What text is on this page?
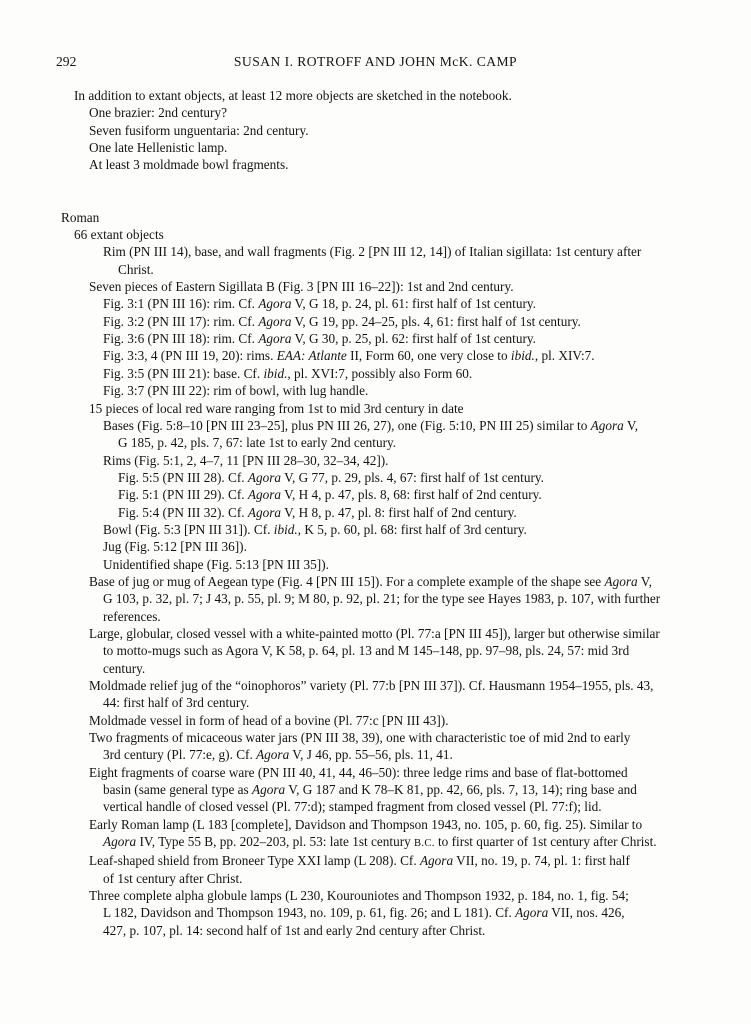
292	SUSAN I. ROTROFF AND JOHN McK. CAMP
In addition to extant objects, at least 12 more objects are sketched in the notebook.
One brazier: 2nd century?
Seven fusiform unguentaria: 2nd century.
One late Hellenistic lamp.
At least 3 moldmade bowl fragments.
Roman
66 extant objects
Rim (PN III 14), base, and wall fragments (Fig. 2 [PN III 12, 14]) of Italian sigillata: 1st century after
Christ.
Seven pieces of Eastern Sigillata B (Fig. 3 [PN III 16–22]): 1st and 2nd century.
Fig. 3:1 (PN III 16): rim. Cf. Agora V, G 18, p. 24, pl. 61: first half of 1st century.
Fig. 3:2 (PN III 17): rim. Cf. Agora V, G 19, pp. 24–25, pls. 4, 61: first half of 1st century.
Fig. 3:6 (PN III 18): rim. Cf. Agora V, G 30, p. 25, pl. 62: first half of 1st century.
Fig. 3:3, 4 (PN III 19, 20): rims. EAA: Atlante II, Form 60, one very close to ibid., pl. XIV:7.
Fig. 3:5 (PN III 21): base. Cf. ibid., pl. XVI:7, possibly also Form 60.
Fig. 3:7 (PN III 22): rim of bowl, with lug handle.
15 pieces of local red ware ranging from 1st to mid 3rd century in date
Bases (Fig. 5:8–10 [PN III 23–25], plus PN III 26, 27), one (Fig. 5:10, PN III 25) similar to Agora V,
G 185, p. 42, pls. 7, 67: late 1st to early 2nd century.
Rims (Fig. 5:1, 2, 4–7, 11 [PN III 28–30, 32–34, 42]).
Fig. 5:5 (PN III 28). Cf. Agora V, G 77, p. 29, pls. 4, 67: first half of 1st century.
Fig. 5:1 (PN III 29). Cf. Agora V, H 4, p. 47, pls. 8, 68: first half of 2nd century.
Fig. 5:4 (PN III 32). Cf. Agora V, H 8, p. 47, pl. 8: first half of 2nd century.
Bowl (Fig. 5:3 [PN III 31]). Cf. ibid., K 5, p. 60, pl. 68: first half of 3rd century.
Jug (Fig. 5:12 [PN III 36]).
Unidentified shape (Fig. 5:13 [PN III 35]).
Base of jug or mug of Aegean type (Fig. 4 [PN III 15]). For a complete example of the shape see Agora V,
G 103, p. 32, pl. 7; J 43, p. 55, pl. 9; M 80, p. 92, pl. 21; for the type see Hayes 1983, p. 107, with further
references.
Large, globular, closed vessel with a white-painted motto (Pl. 77:a [PN III 45]), larger but otherwise similar
to motto-mugs such as Agora V, K 58, p. 64, pl. 13 and M 145–148, pp. 97–98, pls. 24, 57: mid 3rd
century.
Moldmade relief jug of the “oinophoros” variety (Pl. 77:b [PN III 37]). Cf. Hausmann 1954–1955, pls. 43,
44: first half of 3rd century.
Moldmade vessel in form of head of a bovine (Pl. 77:c [PN III 43]).
Two fragments of micaceous water jars (PN III 38, 39), one with characteristic toe of mid 2nd to early
3rd century (Pl. 77:e, g). Cf. Agora V, J 46, pp. 55–56, pls. 11, 41.
Eight fragments of coarse ware (PN III 40, 41, 44, 46–50): three ledge rims and base of flat-bottomed
basin (same general type as Agora V, G 187 and K 78–K 81, pp. 42, 66, pls. 7, 13, 14); ring base and
vertical handle of closed vessel (Pl. 77:d); stamped fragment from closed vessel (Pl. 77:f); lid.
Early Roman lamp (L 183 [complete], Davidson and Thompson 1943, no. 105, p. 60, fig. 25). Similar to
Agora IV, Type 55 B, pp. 202–203, pl. 53: late 1st century B.C. to first quarter of 1st century after Christ.
Leaf-shaped shield from Broneer Type XXI lamp (L 208). Cf. Agora VII, no. 19, p. 74, pl. 1: first half
of 1st century after Christ.
Three complete alpha globule lamps (L 230, Kourouniotes and Thompson 1932, p. 184, no. 1, fig. 54;
L 182, Davidson and Thompson 1943, no. 109, p. 61, fig. 26; and L 181). Cf. Agora VII, nos. 426,
427, p. 107, pl. 14: second half of 1st and early 2nd century after Christ.
